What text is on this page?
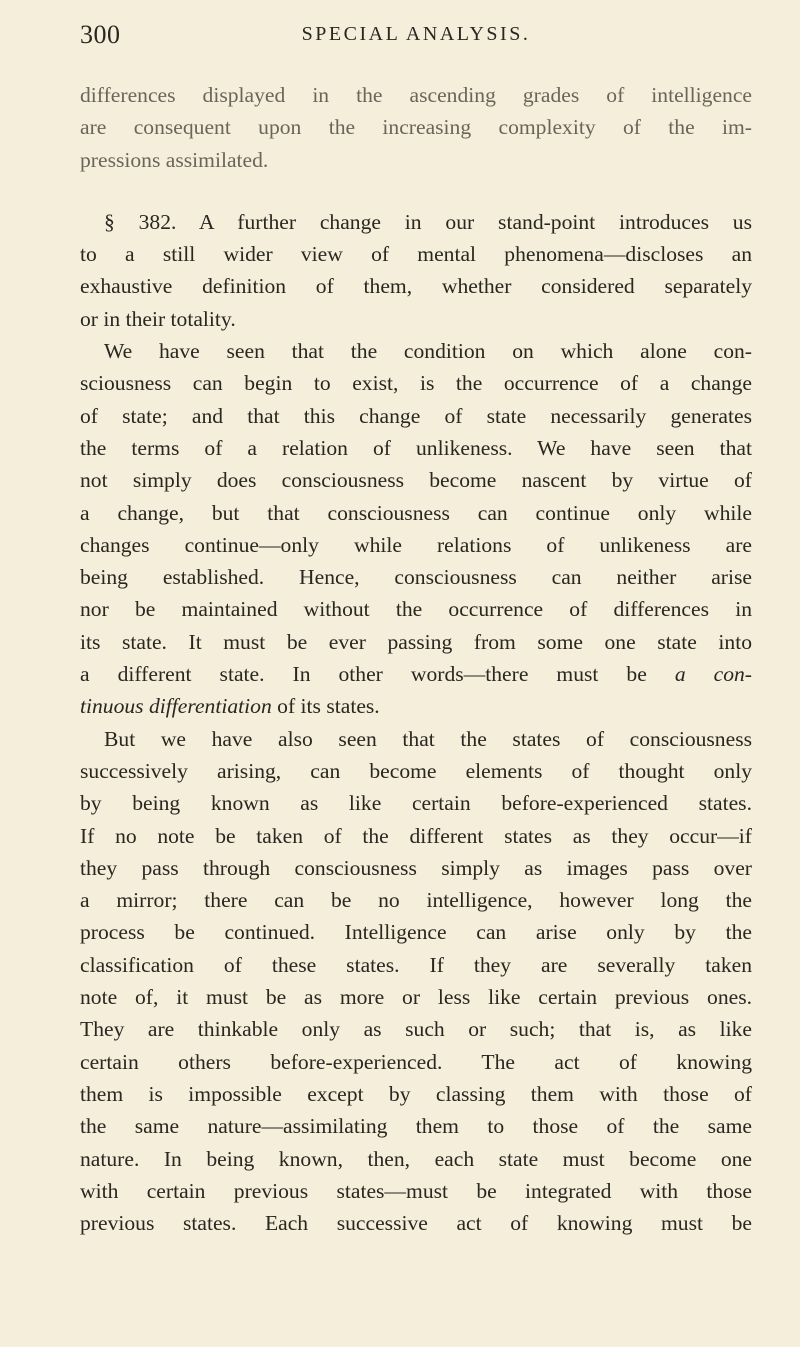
300	SPECIAL ANALYSIS.
differences displayed in the ascending grades of intelligence
are consequent upon the increasing complexity of the im-
pressions assimilated.
§ 382. A further change in our stand-point introduces us
to a still wider view of mental phenomena—discloses an
exhaustive definition of them, whether considered separately
or in their totality.
We have seen that the condition on which alone con-
sciousness can begin to exist, is the occurrence of a change
of state; and that this change of state necessarily generates
the terms of a relation of unlikeness. We have seen that
not simply does consciousness become nascent by virtue of
a change, but that consciousness can continue only while
changes continue—only while relations of unlikeness are
being established. Hence, consciousness can neither arise
nor be maintained without the occurrence of differences in
its state. It must be ever passing from some one state into
a different state. In other words—there must be a con-
tinuous differentiation of its states.
But we have also seen that the states of consciousness
successively arising, can become elements of thought only
by being known as like certain before-experienced states.
If no note be taken of the different states as they occur—if
they pass through consciousness simply as images pass over
a mirror; there can be no intelligence, however long the
process be continued. Intelligence can arise only by the
classification of these states. If they are severally taken
note of, it must be as more or less like certain previous ones.
They are thinkable only as such or such; that is, as like
certain others before-experienced. The act of knowing
them is impossible except by classing them with those of
the same nature—assimilating them to those of the same
nature. In being known, then, each state must become one
with certain previous states—must be integrated with those
previous states. Each successive act of knowing must be
